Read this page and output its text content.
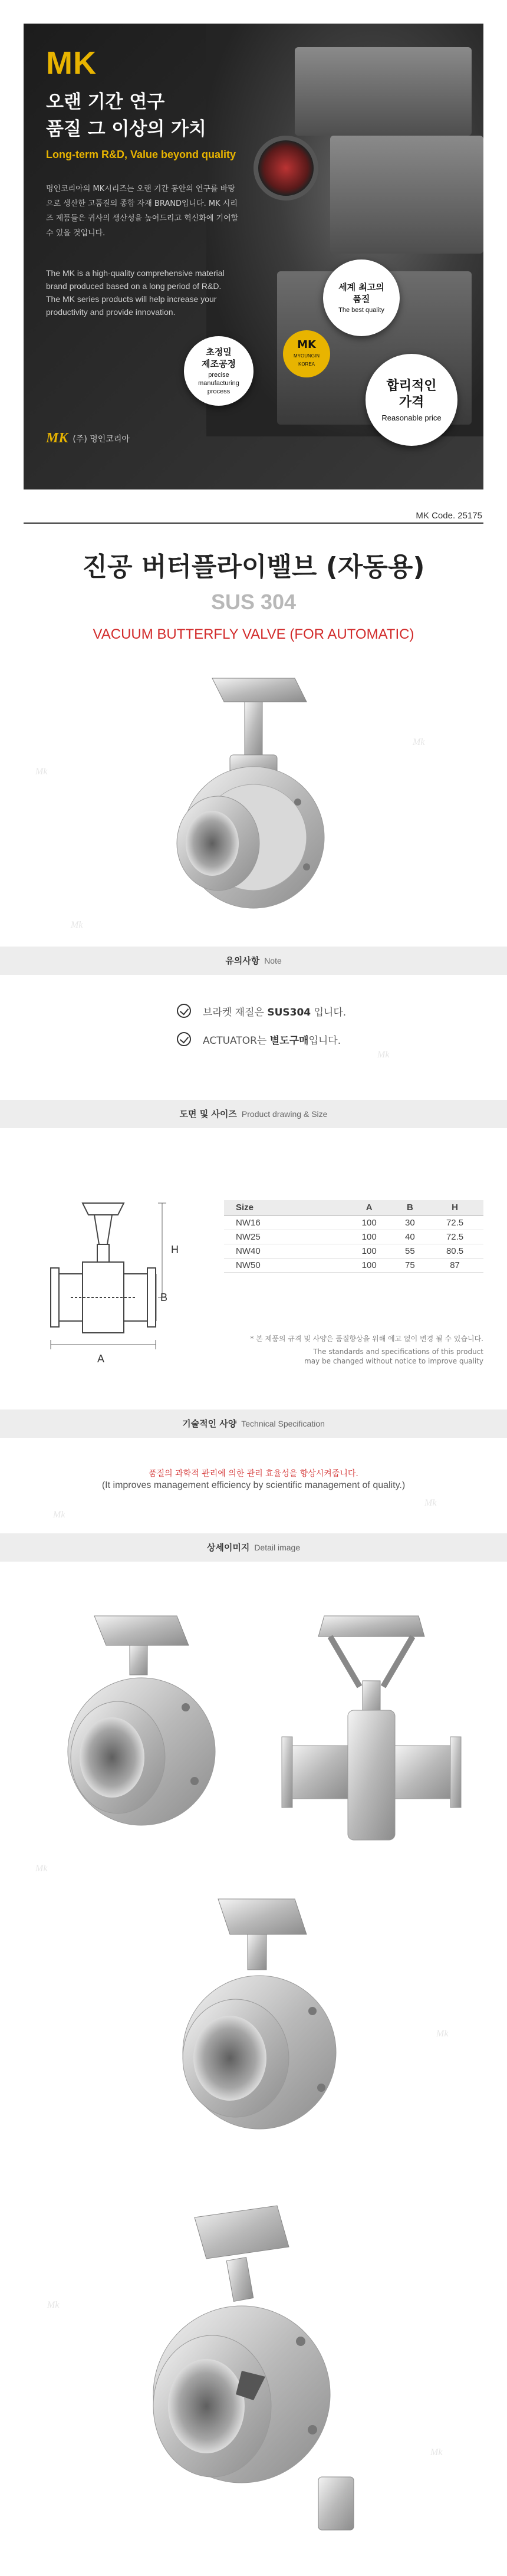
MK
오랜 기간 연구
품질 그 이상의 가치
Long-term R&D, Value beyond quality
명인코리아의 MK시리즈는 오랜 기간 동안의 연구를 바탕으로 생산한 고품질의 종합 자재 BRAND입니다. MK 시리즈 제품들은 귀사의 생산성을 높여드리고 혁신화에 기여할 수 있을 것입니다.
The MK is a high-quality comprehensive material brand produced based on a long period of R&D. The MK series products will help increase your productivity and provide innovation.
세계 최고의
품질
The best quality
초정밀
제조공정
precise manufacturing process
MK
MYOUNGIN KOREA
합리적인
가격
Reasonable price
MK (주) 명인코리아
MK Code. 25175
진공 버터플라이밸브 (자동용)
SUS 304
VACUUM BUTTERFLY VALVE (FOR AUTOMATIC)
유의사항 Note
브라켓 재질은 SUS304 입니다.
ACTUATOR는 별도구매입니다.
도면 및 사이즈 Product drawing & Size
H
B
A
Size	A	B	H
NW16	100	30	72.5
NW25	100	40	72.5
NW40	100	55	80.5
NW50	100	75	87
* 본 제품의 규격 및 사양은 품질향상을 위해 예고 없이 변경 될 수 있습니다.
The standards and specifications of this product
may be changed without notice to improve quality
기술적인 사양 Technical Specification
품질의 과학적 관리에 의한 관리 효율성을 향상시켜줍니다.
(It improves management efficiency by scientific management of quality.)
상세이미지 Detail image
Mk
Mk
Mk
Mk
Mk
Mk
Mk
Mk
Mk
Mk
